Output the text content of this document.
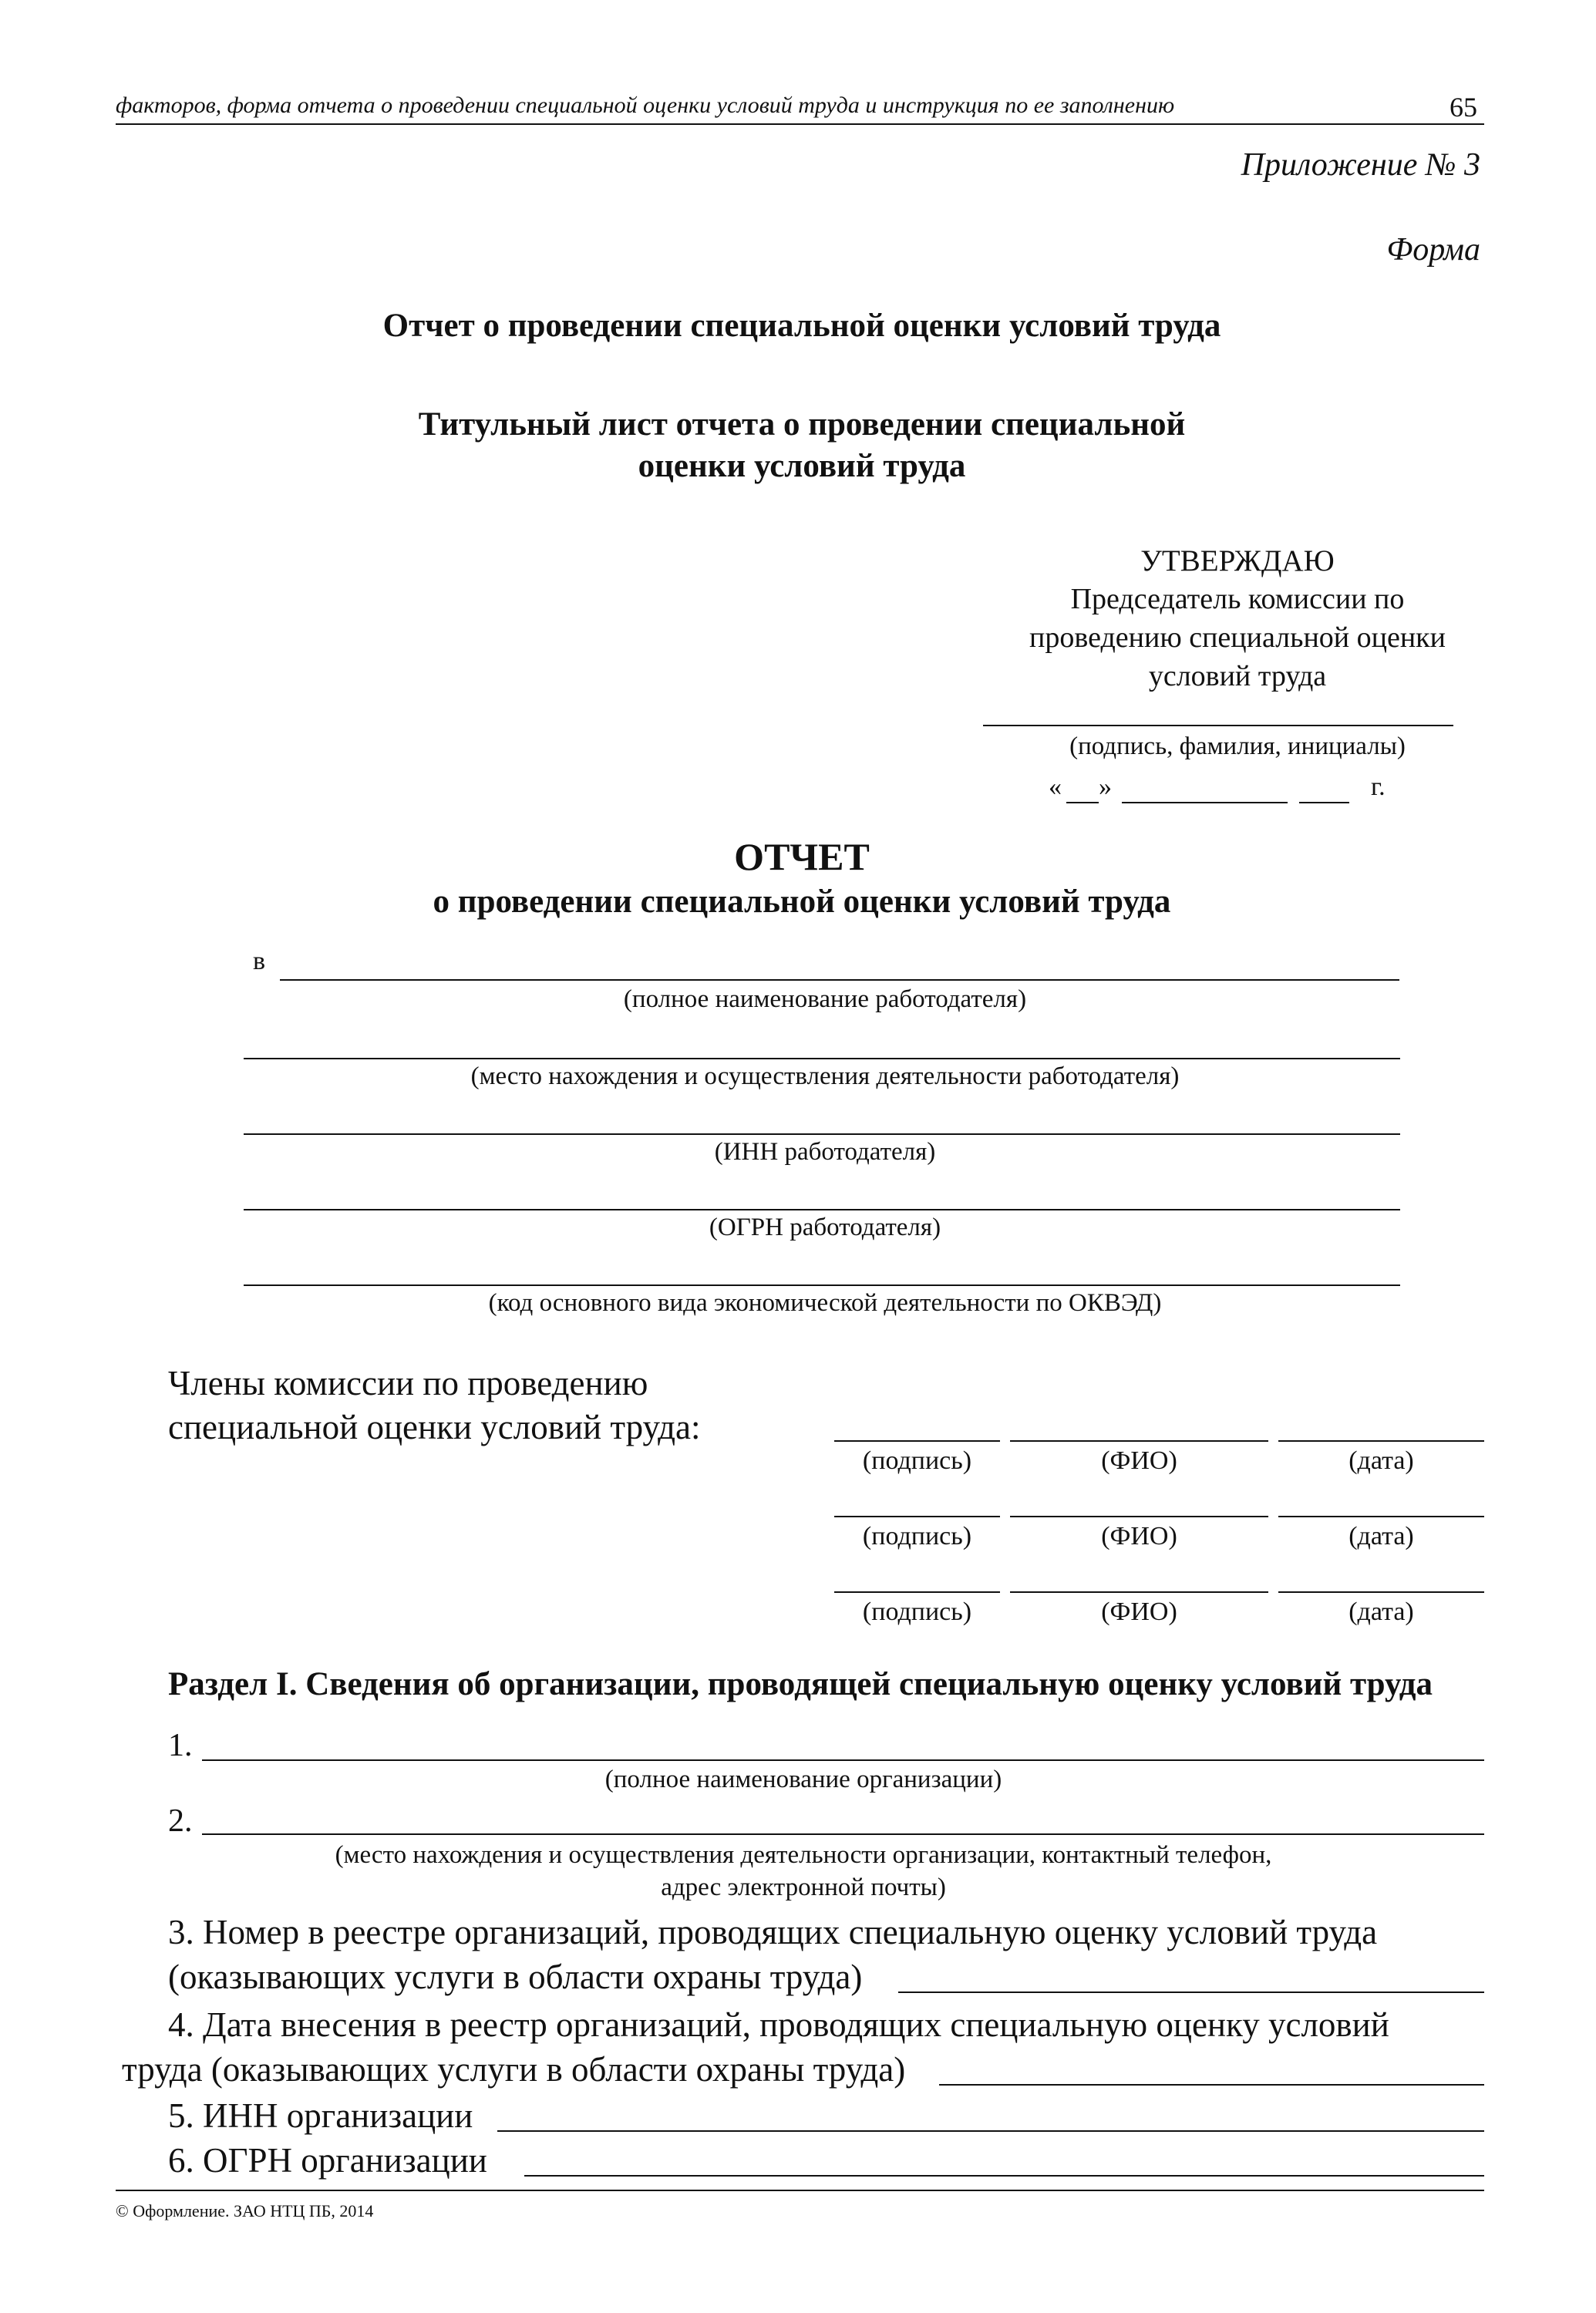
факторов, форма отчета о проведении специальной оценки условий труда и инструкция по ее заполнению	65
Приложение № 3
Форма
Отчет о проведении специальной оценки условий труда
Титульный лист отчета о проведении специальной
оценки условий труда
УТВЕРЖДАЮ
Председатель комиссии по
проведению специальной оценки
условий труда
(подпись, фамилия, инициалы)
« »	г.
ОТЧЕТ
о проведении специальной оценки условий труда
в
(полное наименование работодателя)
(место нахождения и осуществления деятельности работодателя)
(ИНН работодателя)
(ОГРН работодателя)
(код основного вида экономической деятельности по ОКВЭД)
Члены комиссии по проведению
специальной оценки условий труда:
(подпись)	(ФИО)	(дата)
(подпись)	(ФИО)	(дата)
(подпись)	(ФИО)	(дата)
Раздел I. Сведения об организации, проводящей специальную оценку условий труда
1.
(полное наименование организации)
2.
(место нахождения и осуществления деятельности организации, контактный телефон,
адрес электронной почты)
3. Номер в реестре организаций, проводящих специальную оценку условий труда
(оказывающих услуги в области охраны труда)
4. Дата внесения в реестр организаций, проводящих специальную оценку условий
труда (оказывающих услуги в области охраны труда)
5. ИНН организации
6. ОГРН организации
© Оформление. ЗАО НТЦ ПБ, 2014
